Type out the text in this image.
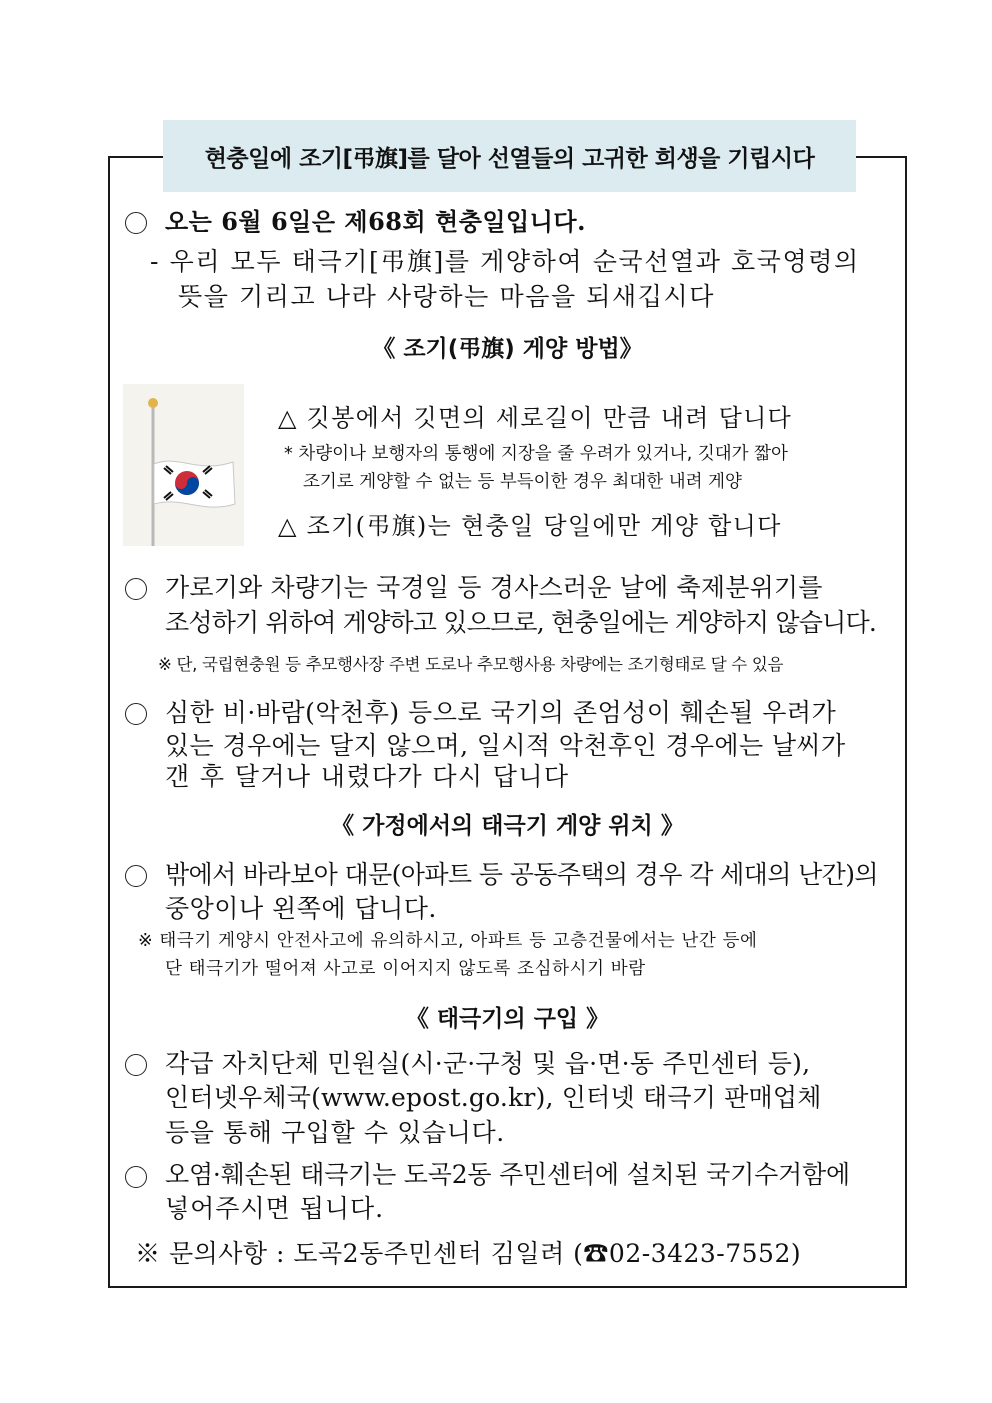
현충일에 조기[弔旗]를 달아 선열들의 고귀한 희생을 기립시다
오는 6월 6일은 제68회 현충일입니다.
- 우리 모두 태극기[弔旗]를 게양하여 순국선열과 호국영령의
뜻을 기리고 나라 사랑하는 마음을 되새깁시다
《 조기(弔旗) 게양 방법》
△ 깃봉에서 깃면의 세로길이 만큼 내려 답니다
* 차량이나 보행자의 통행에 지장을 줄 우려가 있거나, 깃대가 짧아
조기로 게양할 수 없는 등 부득이한 경우 최대한 내려 게양
△ 조기(弔旗)는 현충일 당일에만 게양 합니다
가로기와 차량기는 국경일 등 경사스러운 날에 축제분위기를
조성하기 위하여 게양하고 있으므로, 현충일에는 게양하지 않습니다.
※ 단, 국립현충원 등 추모행사장 주변 도로나 추모행사용 차량에는 조기형태로 달 수 있음
심한 비·바람(악천후) 등으로 국기의 존엄성이 훼손될 우려가
있는 경우에는 달지 않으며, 일시적 악천후인 경우에는 날씨가
갠 후 달거나 내렸다가 다시 답니다
《 가정에서의 태극기 게양 위치 》
밖에서 바라보아 대문(아파트 등 공동주택의 경우 각 세대의 난간)의
중앙이나 왼쪽에 답니다.
※ 태극기 게양시 안전사고에 유의하시고, 아파트 등 고층건물에서는 난간 등에
단 태극기가 떨어져 사고로 이어지지 않도록 조심하시기 바람
《 태극기의 구입 》
각급 자치단체 민원실(시·군·구청 및 읍·면·동 주민센터 등),
인터넷우체국(www.epost.go.kr), 인터넷 태극기 판매업체
등을 통해 구입할 수 있습니다.
오염·훼손된 태극기는 도곡2동 주민센터에 설치된 국기수거함에
넣어주시면 됩니다.
※ 문의사항 : 도곡2동주민센터 김일려 (☎02-3423-7552)
